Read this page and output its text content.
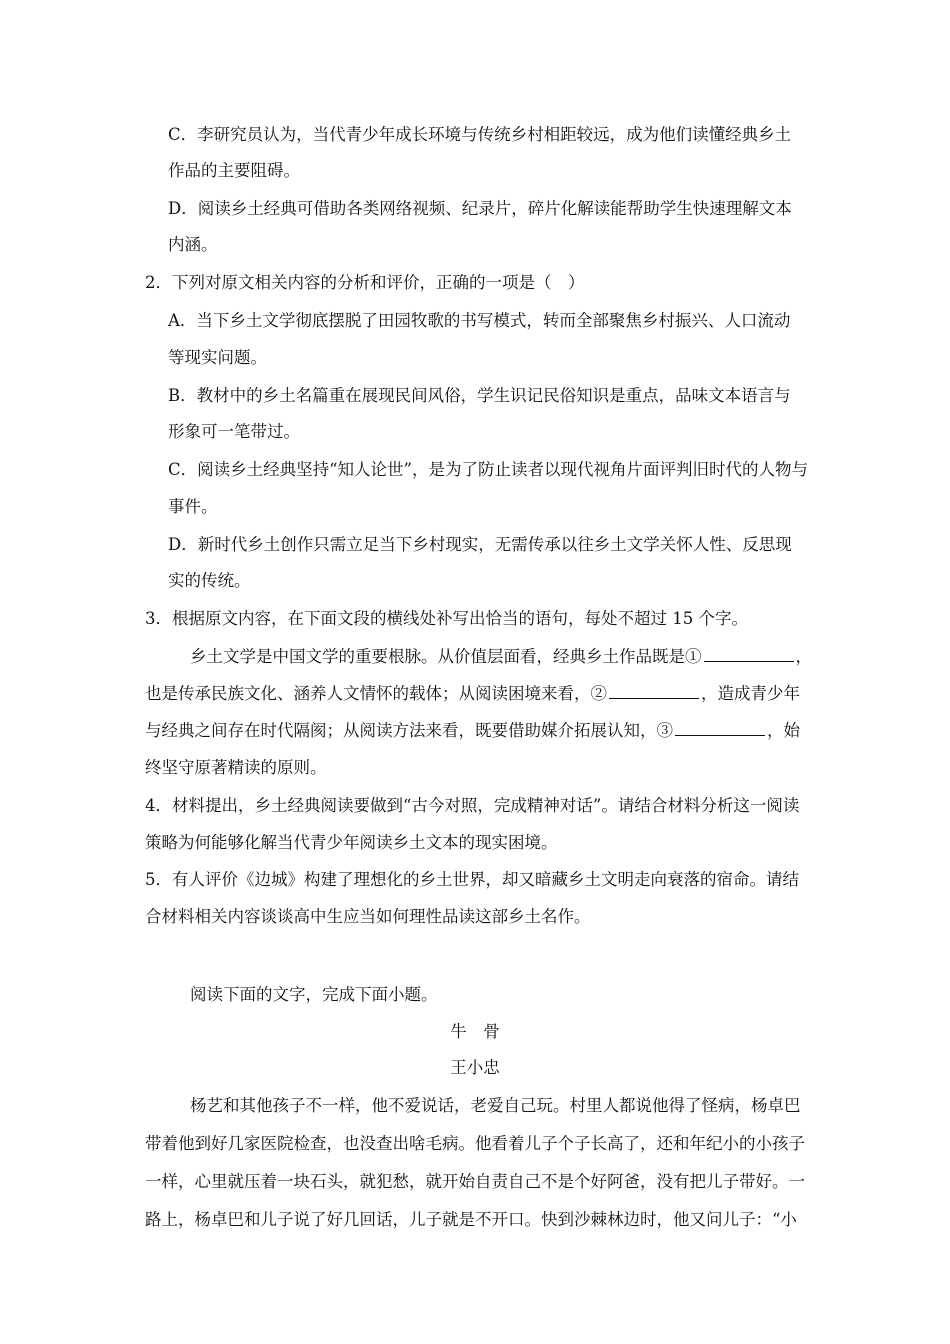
C．李研究员认为，当代青少年成长环境与传统乡村相距较远，成为他们读懂经典乡土
作品的主要阻碍。
D．阅读乡土经典可借助各类网络视频、纪录片，碎片化解读能帮助学生快速理解文本
内涵。
2．下列对原文相关内容的分析和评价，正确的一项是（　）
A．当下乡土文学彻底摆脱了田园牧歌的书写模式，转而全部聚焦乡村振兴、人口流动
等现实问题。
B．教材中的乡土名篇重在展现民间风俗，学生识记民俗知识是重点，品味文本语言与
形象可一笔带过。
C．阅读乡土经典坚持“知人论世”，是为了防止读者以现代视角片面评判旧时代的人物与
事件。
D．新时代乡土创作只需立足当下乡村现实，无需传承以往乡土文学关怀人性、反思现
实的传统。
3．根据原文内容，在下面文段的横线处补写出恰当的语句，每处不超过 15 个字。
乡土文学是中国文学的重要根脉。从价值层面看，经典乡土作品既是①	，
也是传承民族文化、涵养人文情怀的载体；从阅读困境来看，②	，造成青少年
与经典之间存在时代隔阂；从阅读方法来看，既要借助媒介拓展认知，③	，始
终坚守原著精读的原则。
4．材料提出，乡土经典阅读要做到“古今对照，完成精神对话”。请结合材料分析这一阅读
策略为何能够化解当代青少年阅读乡土文本的现实困境。
5．有人评价《边城》构建了理想化的乡土世界，却又暗藏乡土文明走向衰落的宿命。请结
合材料相关内容谈谈高中生应当如何理性品读这部乡土名作。
阅读下面的文字，完成下面小题。
牛　骨
王小忠
杨艺和其他孩子不一样，他不爱说话，老爱自己玩。村里人都说他得了怪病，杨卓巴
带着他到好几家医院检查，也没查出啥毛病。他看着儿子个子长高了，还和年纪小的小孩子
一样，心里就压着一块石头，就犯愁，就开始自责自己不是个好阿爸，没有把儿子带好。一
路上，杨卓巴和儿子说了好几回话，儿子就是不开口。快到沙棘林边时，他又问儿子：“小
